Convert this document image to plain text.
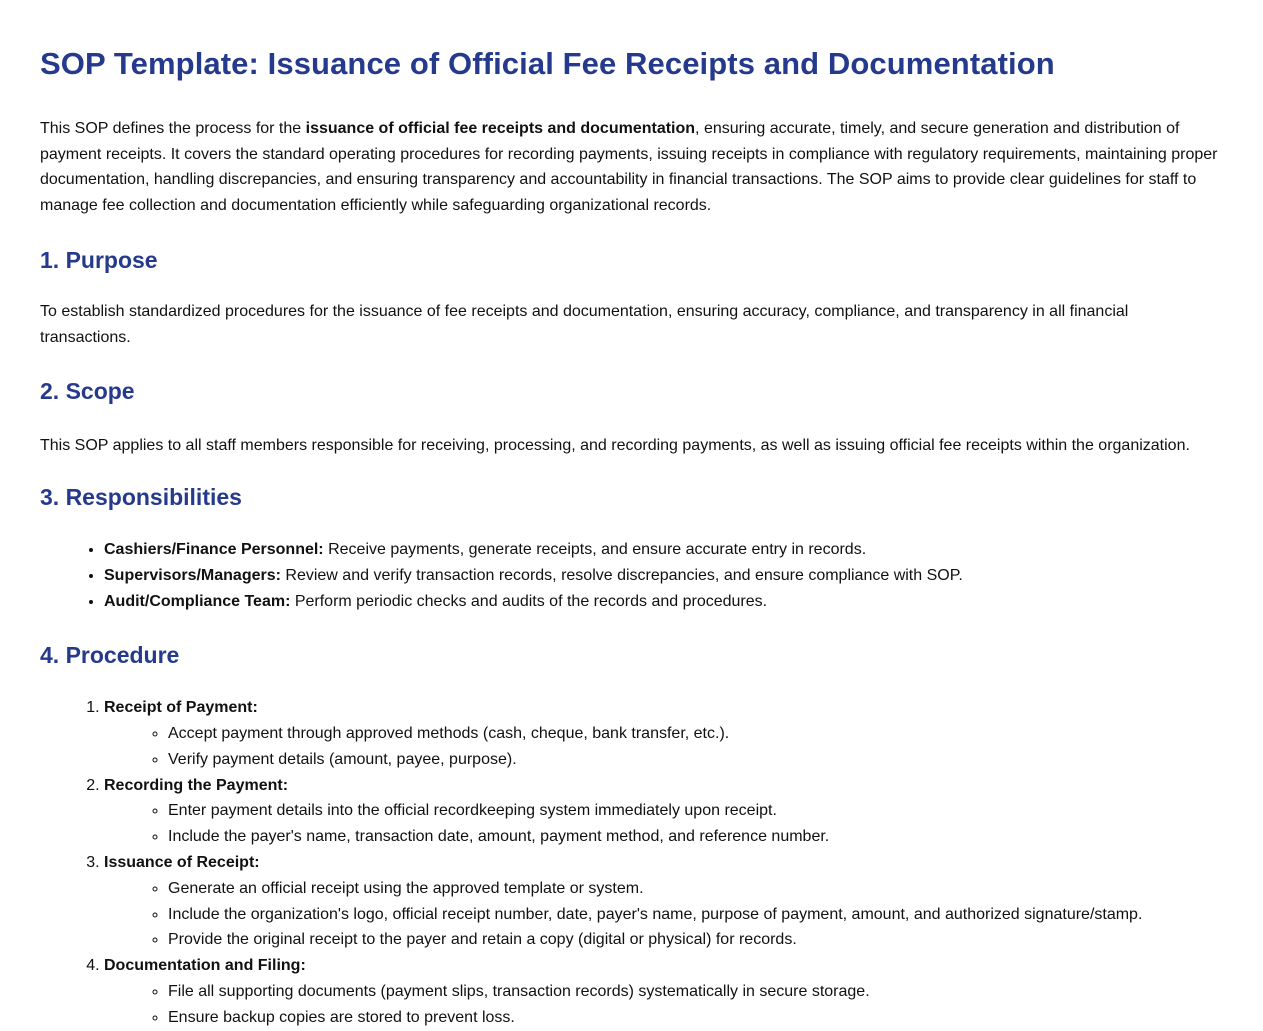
SOP Template: Issuance of Official Fee Receipts and Documentation

This SOP defines the process for the issuance of official fee receipts and documentation, ensuring accurate, timely, and secure generation and distribution of payment receipts. It covers the standard operating procedures for recording payments, issuing receipts in compliance with regulatory requirements, maintaining proper documentation, handling discrepancies, and ensuring transparency and accountability in financial transactions. The SOP aims to provide clear guidelines for staff to manage fee collection and documentation efficiently while safeguarding organizational records.

1. Purpose

To establish standardized procedures for the issuance of fee receipts and documentation, ensuring accuracy, compliance, and transparency in all financial transactions.

2. Scope

This SOP applies to all staff members responsible for receiving, processing, and recording payments, as well as issuing official fee receipts within the organization.

3. Responsibilities
• Cashiers/Finance Personnel: Receive payments, generate receipts, and ensure accurate entry in records.
• Supervisors/Managers: Review and verify transaction records, resolve discrepancies, and ensure compliance with SOP.
• Audit/Compliance Team: Perform periodic checks and audits of the records and procedures.
4. Procedure
1. Receipt of Payment:
◦ Accept payment through approved methods (cash, cheque, bank transfer, etc.).
◦ Verify payment details (amount, payee, purpose).
2. Recording the Payment:
◦ Enter payment details into the official recordkeeping system immediately upon receipt.
◦ Include the payer's name, transaction date, amount, payment method, and reference number.
3. Issuance of Receipt:
◦ Generate an official receipt using the approved template or system.
◦ Include the organization's logo, official receipt number, date, payer's name, purpose of payment, amount, and authorized signature/stamp.
◦ Provide the original receipt to the payer and retain a copy (digital or physical) for records.
4. Documentation and Filing:
◦ File all supporting documents (payment slips, transaction records) systematically in secure storage.
◦ Ensure backup copies are stored to prevent loss.
